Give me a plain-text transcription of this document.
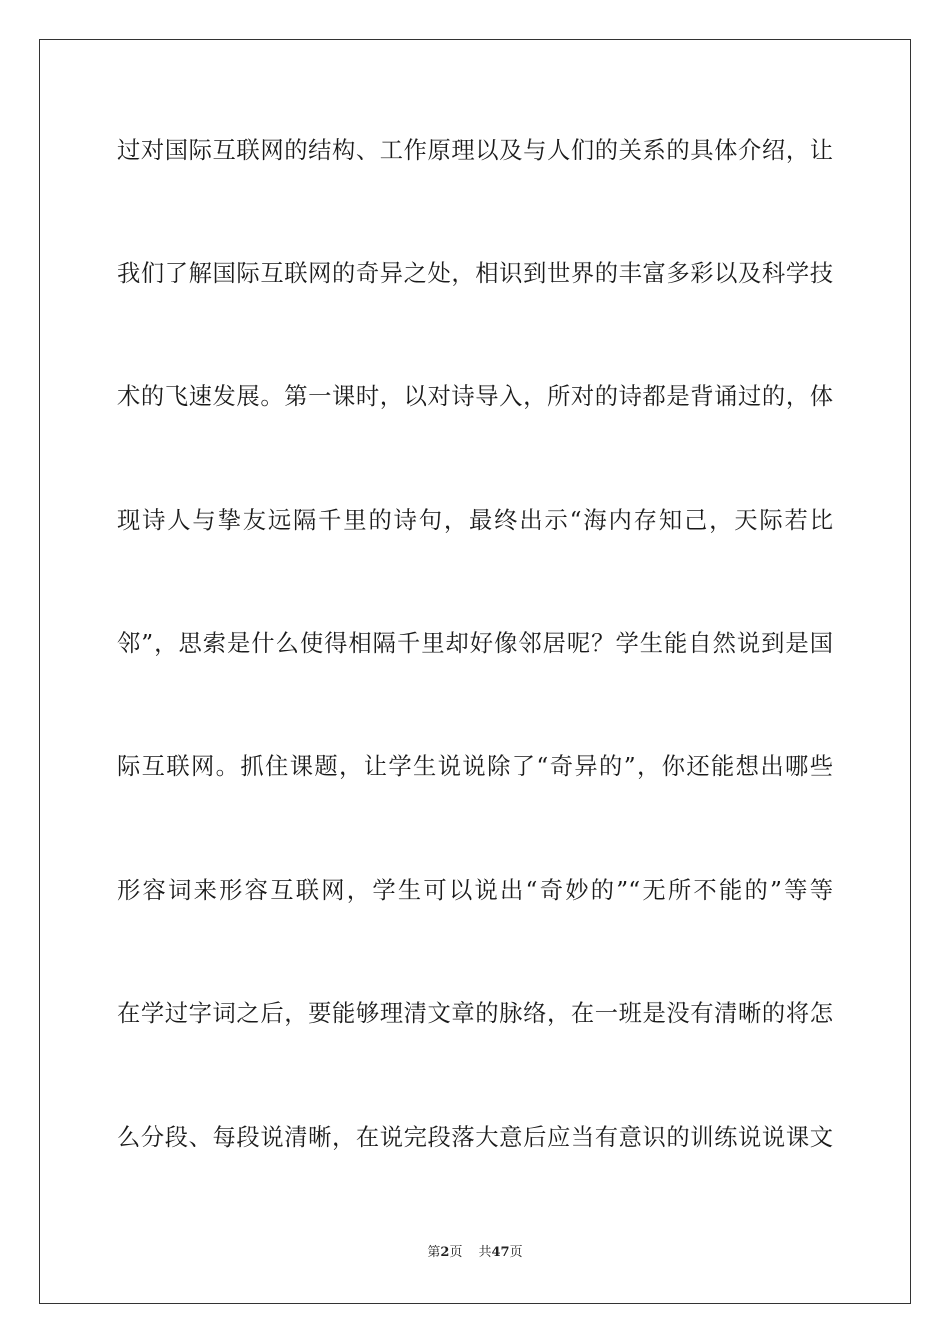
过对国际互联网的结构、工作原理以及与人们的关系的具体介绍，让
我们了解国际互联网的奇异之处，相识到世界的丰富多彩以及科学技
术的飞速发展。第一课时，以对诗导入，所对的诗都是背诵过的，体
现诗人与挚友远隔千里的诗句，最终出示“海内存知己，天际若比
邻”，思索是什么使得相隔千里却好像邻居呢？学生能自然说到是国
际互联网。抓住课题，让学生说说除了“奇异的”，你还能想出哪些
形容词来形容互联网，学生可以说出“奇妙的”“无所不能的”等等
在学过字词之后，要能够理清文章的脉络，在一班是没有清晰的将怎
么分段、每段说清晰，在说完段落大意后应当有意识的训练说说课文
第2页 共47页
